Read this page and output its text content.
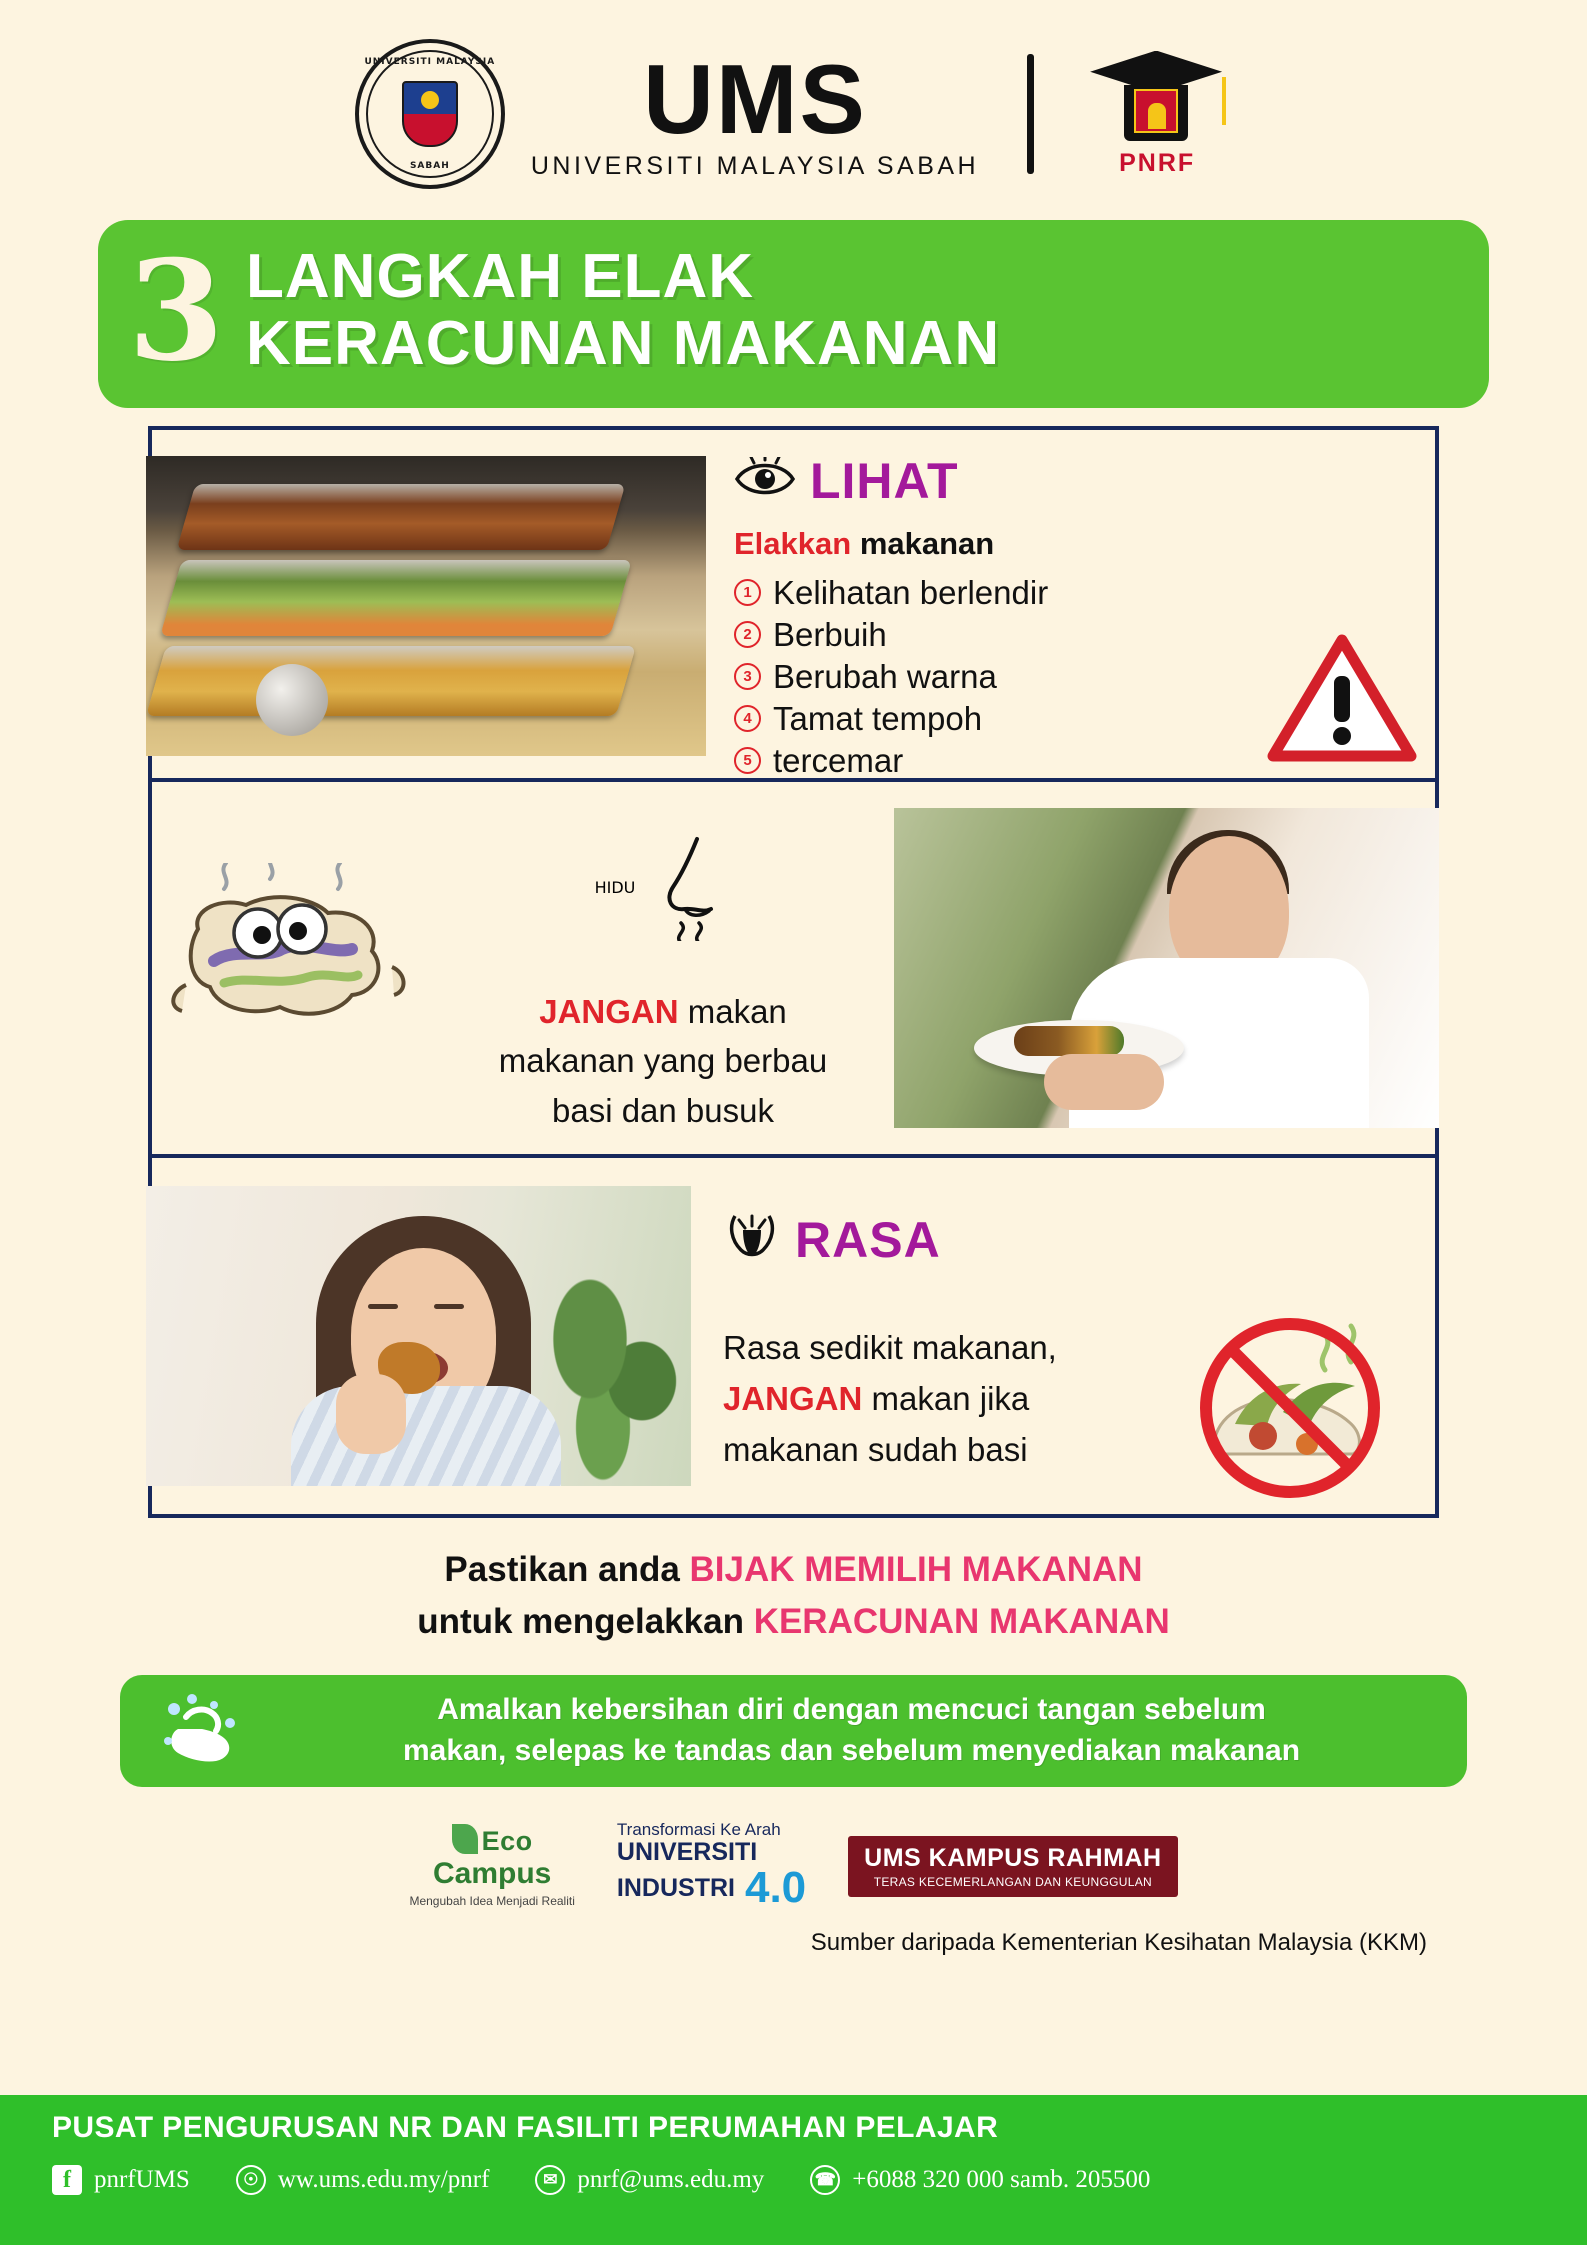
UNIVERSITI MALAYSIA
SABAH
UMS
UNIVERSITI MALAYSIA SABAH	PNRF
3 LANGKAH ELAK
KERACUNAN MAKANAN
LIHAT
Elakkan makanan
1 Kelihatan berlendir
2 Berbuih
3 Berubah warna
4 Tamat tempoh
5 tercemar
HIDU
JANGAN makan
makanan yang berbau
basi dan busuk
RASA
Rasa sedikit makanan,
JANGAN makan jika
makanan sudah basi
Pastikan anda BIJAK MEMILIH MAKANAN
untuk mengelakkan KERACUNAN MAKANAN
Amalkan kebersihan diri dengan mencuci tangan sebelum
makan, selepas ke tandas dan sebelum menyediakan makanan
Eco
Campus
Mengubah Idea Menjadi Realiti
Transformasi Ke Arah
UNIVERSITI
INDUSTRI 4.0
UMS KAMPUS RAHMAH
TERAS KECEMERLANGAN DAN KEUNGGULAN
Sumber daripada Kementerian Kesihatan Malaysia (KKM)
PUSAT PENGURUSAN NR DAN FASILITI PERUMAHAN PELAJAR
f pnrfUMS	☉ ww.ums.edu.my/pnrf	✉ pnrf@ums.edu.my	☎ +6088 320 000 samb. 205500
